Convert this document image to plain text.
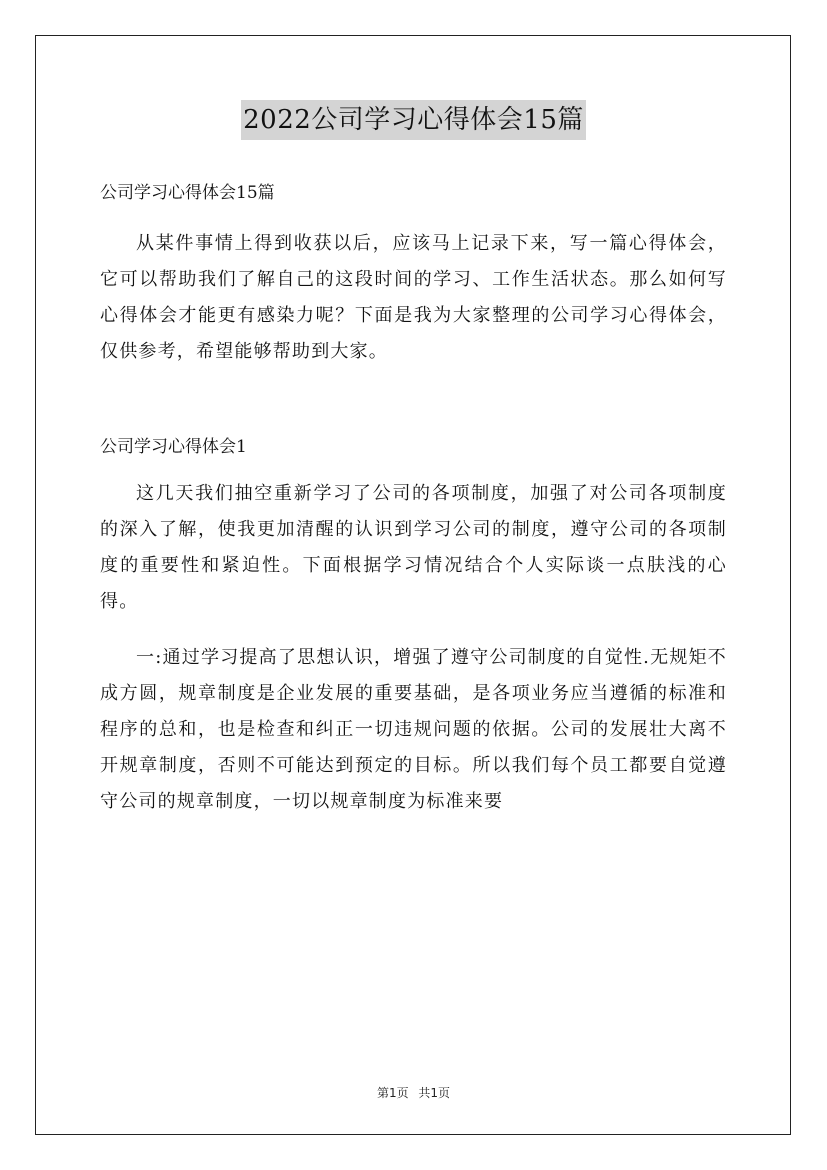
2022公司学习心得体会15篇

公司学习心得体会15篇

从某件事情上得到收获以后，应该马上记录下来，写一篇心得体会，它可以帮助我们了解自己的这段时间的学习、工作生活状态。那么如何写心得体会才能更有感染力呢？下面是我为大家整理的公司学习心得体会，仅供参考，希望能够帮助到大家。

公司学习心得体会1

这几天我们抽空重新学习了公司的各项制度，加强了对公司各项制度的深入了解，使我更加清醒的认识到学习公司的制度，遵守公司的各项制度的重要性和紧迫性。下面根据学习情况结合个人实际谈一点肤浅的心得。

一:通过学习提高了思想认识，增强了遵守公司制度的自觉性.无规矩不成方圆，规章制度是企业发展的重要基础，是各项业务应当遵循的标准和程序的总和，也是检查和纠正一切违规问题的依据。公司的发展壮大离不开规章制度，否则不可能达到预定的目标。所以我们每个员工都要自觉遵守公司的规章制度，一切以规章制度为标准来要

第1页 共1页
